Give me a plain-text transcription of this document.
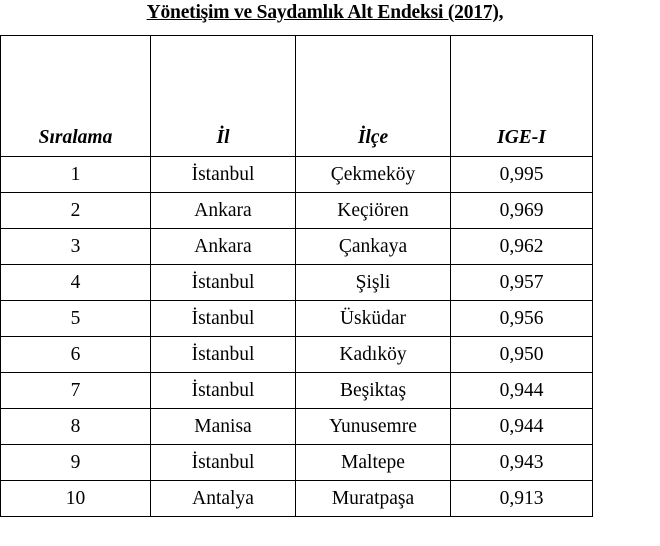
Yönetişim ve Saydamlık Alt Endeksi (2017),
Sıralama	İl	İlçe	IGE-I
1	İstanbul	Çekmeköy	0,995
2	Ankara	Keçiören	0,969
3	Ankara	Çankaya	0,962
4	İstanbul	Şişli	0,957
5	İstanbul	Üsküdar	0,956
6	İstanbul	Kadıköy	0,950
7	İstanbul	Beşiktaş	0,944
8	Manisa	Yunusemre	0,944
9	İstanbul	Maltepe	0,943
10	Antalya	Muratpaşa	0,913
